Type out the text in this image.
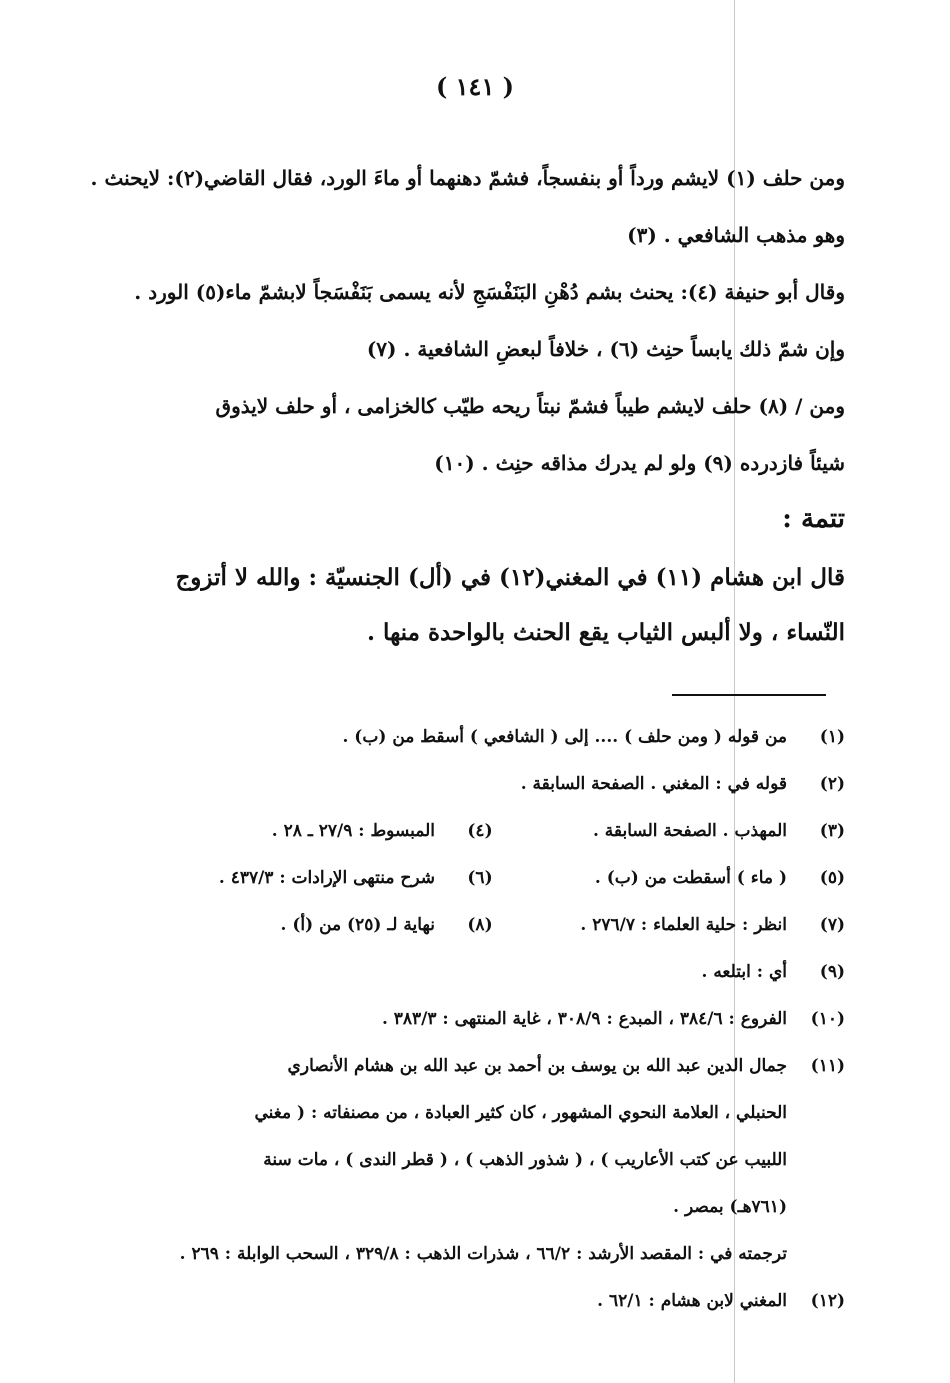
( ١٤١ )
ومن حلف (١) لايشم ورداً أو بنفسجاً، فشمّ دهنهما أو ماءَ الورد، فقال القاضي(٢): لايحنث .
وهو مذهب الشافعي . (٣)
وقال أبو حنيفة (٤): يحنث بشم دُهْنِ البَنَفْسَجِ لأنه يسمى بَنَفْسَجاً لابشمّ ماء(٥) الورد .
وإن شمّ ذلك يابساً حنِث (٦) ، خلافاً لبعضِ الشافعية . (٧)
ومن / (٨) حلف لايشم طيباً فشمّ نبتاً ريحه طيّب كالخزامى ، أو حلف لايذوق
شيئاً فازدرده (٩) ولو لم يدرك مذاقه حنِث . (١٠)
تتمة :
قال ابن هشام (١١) في المغني(١٢) في (أل) الجنسيّة : والله لا أتزوج
النّساء ، ولا ألبس الثياب يقع الحنث بالواحدة منها .
(١)
من قوله ( ومن حلف ) .... إلى ( الشافعي ) أسقط من (ب) .
(٢)
قوله في : المغني . الصفحة السابقة .
(٣)
المهذب . الصفحة السابقة .
(٤)
المبسوط : ٢٧/٩ ـ ٢٨ .
(٥)
( ماء ) أسقطت من (ب) .
(٦)
شرح منتهى الإرادات : ٤٣٧/٣ .
(٧)
انظر : حلية العلماء : ٢٧٦/٧ .
(٨)
نهاية لـ (٢٥) من (أ) .
(٩)
أي : ابتلعه .
(١٠)
الفروع : ٣٨٤/٦ ، المبدع : ٣٠٨/٩ ، غاية المنتهى : ٣٨٣/٣ .
(١١)
جمال الدين عبد الله بن يوسف بن أحمد بن عبد الله بن هشام الأنصاري
الحنبلي ، العلامة النحوي المشهور ، كان كثير العبادة ، من مصنفاته : ( مغني
اللبيب عن كتب الأعاريب ) ، ( شذور الذهب ) ، ( قطر الندى ) ، مات سنة
(٧٦١هـ) بمصر .
ترجمته في : المقصد الأرشد : ٦٦/٢ ، شذرات الذهب : ٣٢٩/٨ ، السحب الوابلة : ٢٦٩ .
(١٢)
المغني لابن هشام : ٦٢/١ .
